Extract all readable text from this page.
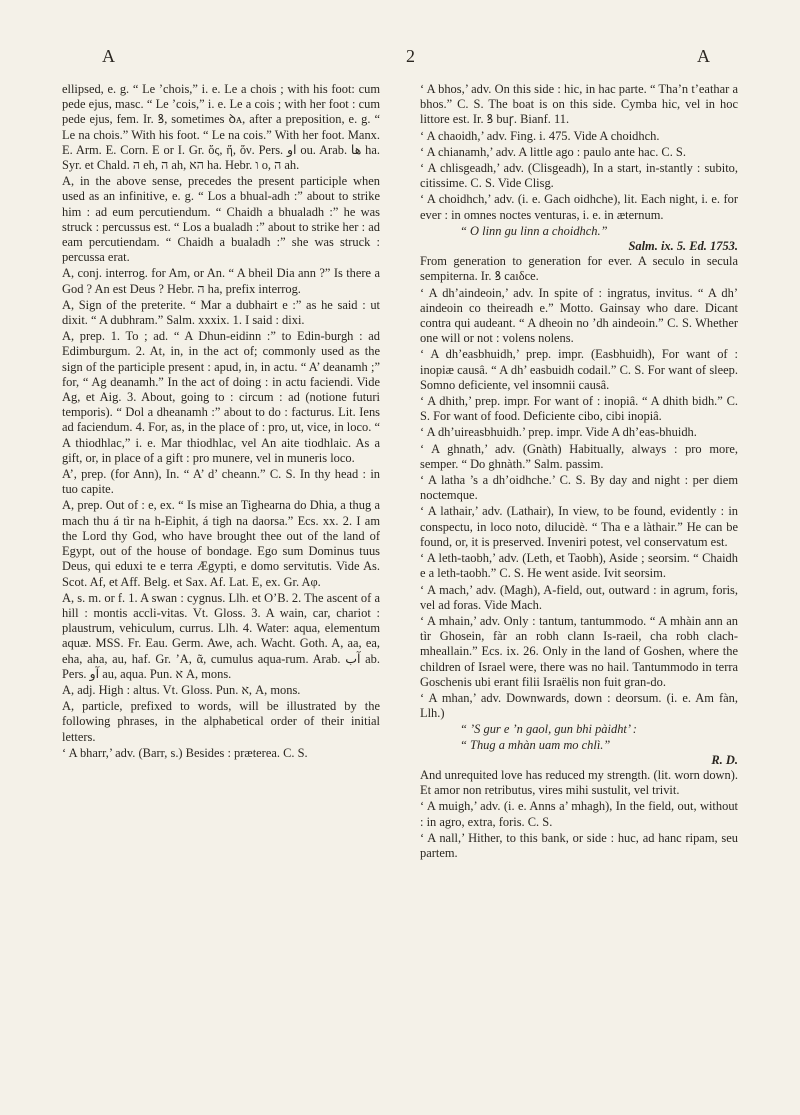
A	2	A

ellipsed, e. g. “ Le ’chois,” i. e. Le a chois ; with his foot: cum pede ejus, masc. “ Le ’cois,” i. e. Le a cois ; with her foot : cum pede ejus, fem. Ir. ꝸ, sometimes ꝺᴀ, after a preposition, e. g. “ Le na chois.” With his foot. “ Le na cois.” With her foot. Manx. E. Arm. E. Corn. E or I. Gr. ὅς, ἥ, ὅν. Pers. ﺍﻭ ou. Arab. ﻫﺎ ha. Syr. et Chald. ה eh, ה ah, הא ha. Hebr. ו o, ה ah.

A, in the above sense, precedes the present participle when used as an infinitive, e. g. “ Los a bhual-adh :” about to strike him : ad eum percutiendum. “ Chaidh a bhualadh :” he was struck : percussus est. “ Los a bualadh :” about to strike her : ad eam percutiendam. “ Chaidh a bualadh :” she was struck : percussa erat.

A, conj. interrog. for Am, or An. “ A bheil Dia ann ?” Is there a God ? An est Deus ? Hebr. ה ha, prefix interrog.

A, Sign of the preterite. “ Mar a dubhairt e :” as he said : ut dixit. “ A dubhram.” Salm. xxxix. 1. I said : dixi.

A, prep. 1. To ; ad. “ A Dhun-eidinn :” to Edin-burgh : ad Edimburgum. 2. At, in, in the act of; commonly used as the sign of the participle present : apud, in, in actu. “ A’ deanamh ;” for, “ Ag deanamh.” In the act of doing : in actu faciendi. Vide Ag, et Aig. 3. About, going to : circum : ad (notione futuri temporis). “ Dol a dheanamh :” about to do : facturus. Lit. Iens ad faciendum. 4. For, as, in the place of : pro, ut, vice, in loco. “ A thiodhlac,” i. e. Mar thiodhlac, vel An aite tiodhlaic. As a gift, or, in place of a gift : pro munere, vel in muneris loco.

A’, prep. (for Ann), In. “ A’ d’ cheann.” C. S. In thy head : in tuo capite.

A, prep. Out of : e, ex. “ Is mise an Tighearna do Dhia, a thug a mach thu á tìr na h-Eiphit, á tigh na daorsa.” Ecs. xx. 2. I am the Lord thy God, who have brought thee out of the land of Egypt, out of the house of bondage. Ego sum Dominus tuus Deus, qui eduxi te e terra Ægypti, e domo servitutis. Vide As. Scot. Af, et Aff. Belg. et Sax. Af. Lat. E, ex. Gr. Aφ.

A, s. m. or f. 1. A swan : cygnus. Llh. et O’B. 2. The ascent of a hill : montis accli-vitas. Vt. Gloss. 3. A wain, car, chariot : plaustrum, vehiculum, currus. Llh. 4. Water: aqua, elementum aquæ. MSS. Fr. Eau. Germ. Awe, ach. Wacht. Goth. A, aa, ea, eha, aha, au, haf. Gr. ’A, ᾶ, cumulus aqua-rum. Arab. ﺁﺏ ab. Pers. ﺁﻭ au, aqua. Pun. א A, mons.

A, adj. High : altus. Vt. Gloss. Pun. א, A, mons.

A, particle, prefixed to words, will be illustrated by the following phrases, in the alphabetical order of their initial letters.

‘ A bharr,’ adv. (Barr, s.) Besides : præterea. C. S.

‘ A bhos,’ adv. On this side : hic, in hac parte. “ Tha’n t’eathar a bhos.” C. S. The boat is on this side. Cymba hic, vel in hoc littore est. Ir. ꝸ buꞅ. Bianf. 11.

‘ A chaoidh,’ adv. Fing. i. 475. Vide A choidhch.

‘ A chianamh,’ adv. A little ago : paulo ante hac. C. S.

‘ A chlisgeadh,’ adv. (Clisgeadh), In a start, in-stantly : subito, citissime. C. S. Vide Clisg.

‘ A choidhch,’ adv. (i. e. Gach oidhche), lit. Each night, i. e. for ever : in omnes noctes venturas, i. e. in æternum.

“ O linn gu linn a choidhch.”

Salm. ix. 5. Ed. 1753.

From generation to generation for ever. A seculo in secula sempiterna. Ir. ꝸ caıδce.

‘ A dh’aindeoin,’ adv. In spite of : ingratus, invitus. “ A dh’ aindeoin co theireadh e.” Motto. Gainsay who dare. Dicant contra qui audeant. “ A dheoin no ’dh aindeoin.” C. S. Whether one will or not : volens nolens.

‘ A dh’easbhuidh,’ prep. impr. (Easbhuidh), For want of : inopiæ causâ. “ A dh’ easbuidh codail.” C. S. For want of sleep. Somno deficiente, vel insomnii causâ.

‘ A dhith,’ prep. impr. For want of : inopiâ. “ A dhith bidh.” C. S. For want of food. Deficiente cibo, cibi inopiâ.

‘ A dh’uireasbhuidh.’ prep. impr. Vide A dh’eas-bhuidh.

‘ A ghnath,’ adv. (Gnàth) Habitually, always : pro more, semper. “ Do ghnàth.” Salm. passim.

‘ A latha ’s a dh’oidhche.’ C. S. By day and night : per diem noctemque.

‘ A lathair,’ adv. (Lathair), In view, to be found, evidently : in conspectu, in loco noto, dilucidè. “ Tha e a làthair.” He can be found, or, it is preserved. Inveniri potest, vel conservatum est.

‘ A leth-taobh,’ adv. (Leth, et Taobh), Aside ; seorsim. “ Chaidh e a leth-taobh.” C. S. He went aside. Ivit seorsim.

‘ A mach,’ adv. (Magh), A-field, out, outward : in agrum, foris, vel ad foras. Vide Mach.

‘ A mhain,’ adv. Only : tantum, tantummodo. “ A mhàin ann an tìr Ghosein, fàr an robh clann Is-raeil, cha robh clach-mheallain.” Ecs. ix. 26. Only in the land of Goshen, where the children of Israel were, there was no hail. Tantummodo in terra Goschenis ubi erant filii Israëlis non fuit gran-do.

‘ A mhan,’ adv. Downwards, down : deorsum. (i. e. Am fàn, Llh.)

“ ’S gur e ’n gaol, gun bhi pàidht’ :

“ Thug a mhàn uam mo chlì.”

R. D.

And unrequited love has reduced my strength. (lit. worn down). Et amor non retributus, vires mihi sustulit, vel trivit.

‘ A muigh,’ adv. (i. e. Anns a’ mhagh), In the field, out, without : in agro, extra, foris. C. S.

‘ A nall,’ Hither, to this bank, or side : huc, ad hanc ripam, seu partem.
